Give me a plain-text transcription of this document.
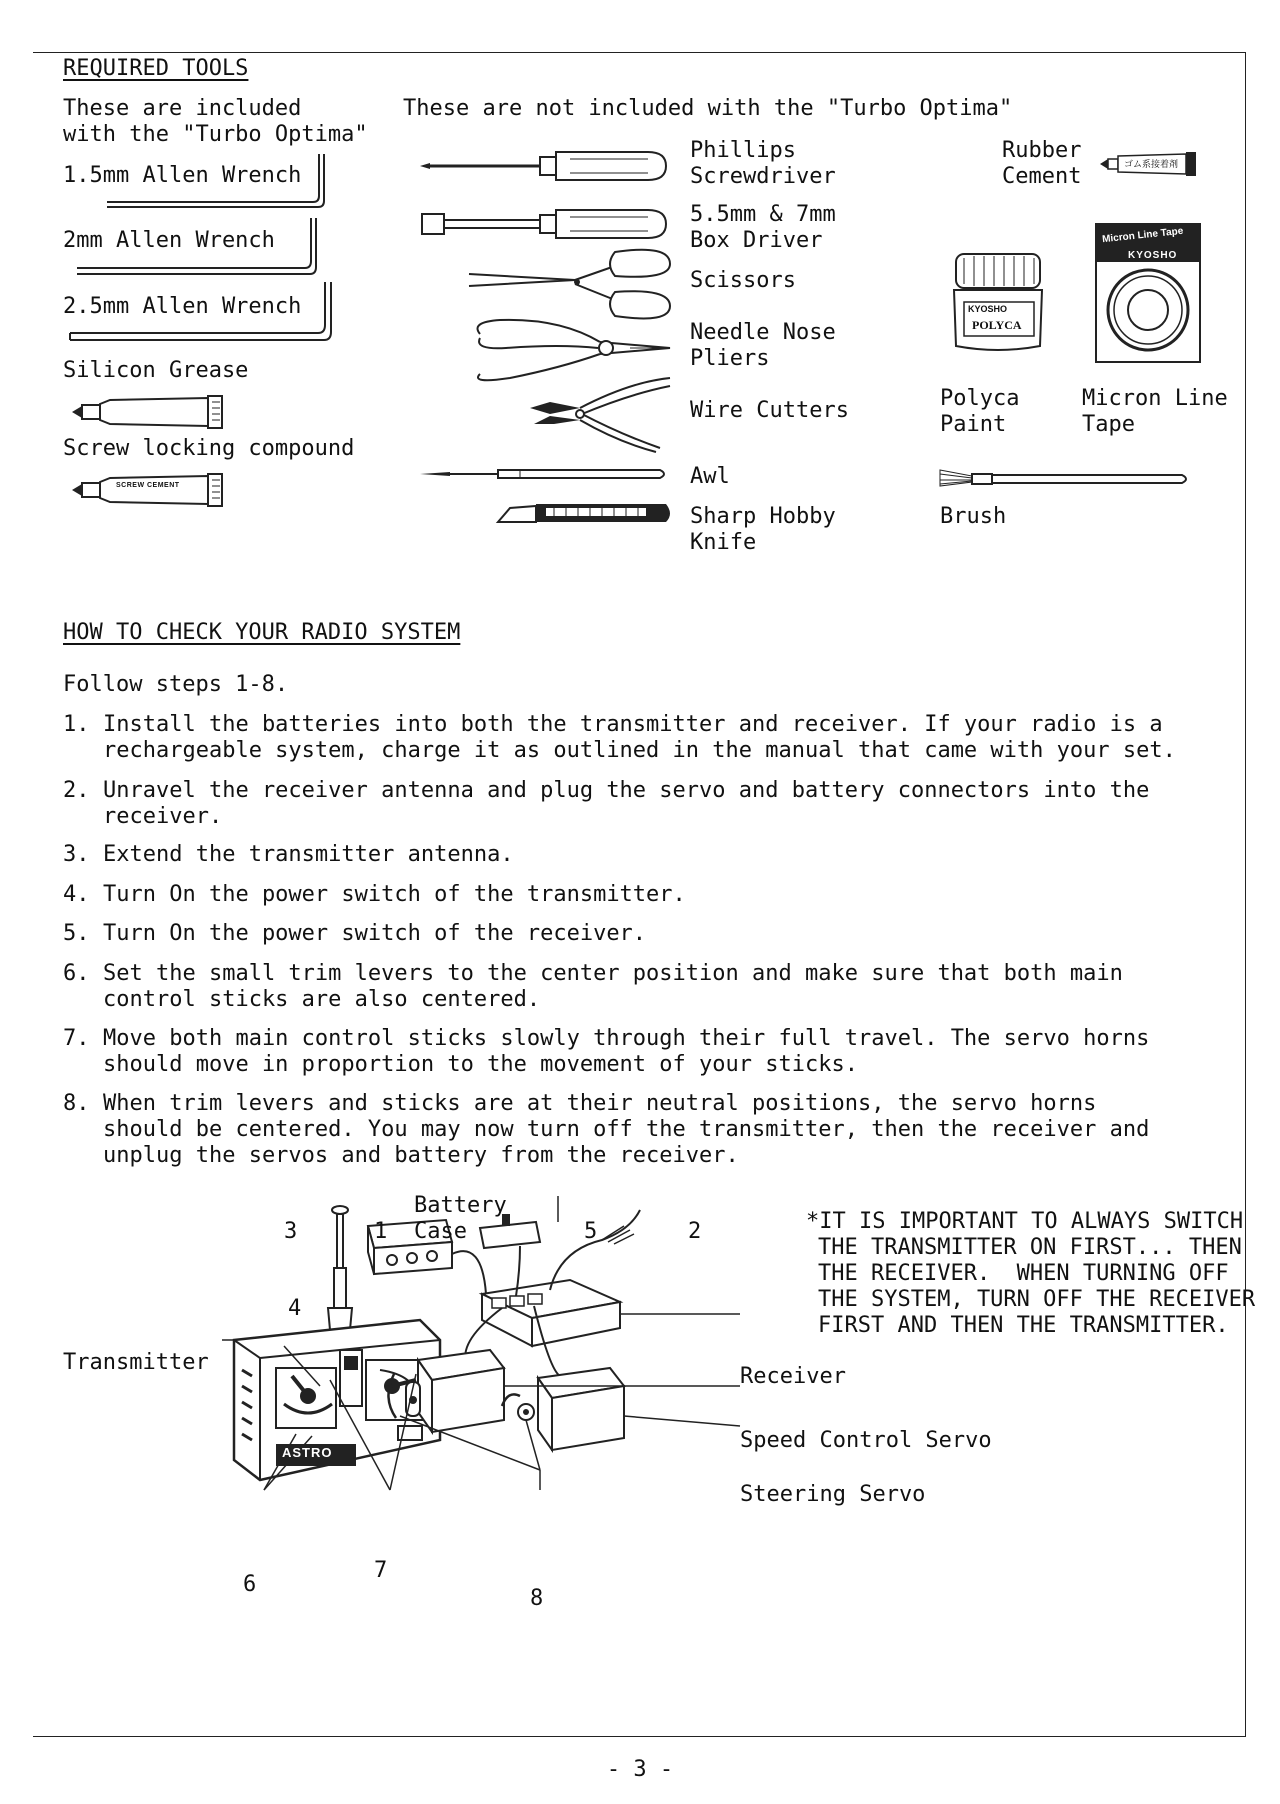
REQUIRED TOOLS
These are included
with the "Turbo Optima"
These are not included with the "Turbo Optima"
1.5mm Allen Wrench
2mm Allen Wrench
2.5mm Allen Wrench
Silicon Grease
Screw locking compound
SCREW CEMENT
Phillips
Screwdriver
5.5mm & 7mm
Box Driver
Scissors
Needle Nose
Pliers
Wire Cutters
Awl
Sharp Hobby
Knife
Rubber
Cement	ゴム系接着剤
KYOSHO
POLYCA
Micron Line Tape
KYOSHO
Polyca
Paint
Micron Line
Tape
Brush
HOW TO CHECK YOUR RADIO SYSTEM
Follow steps 1-8.
1. Install the batteries into both the transmitter and receiver. If your radio is a rechargeable system, charge it as outlined in the manual that came with your set.
2. Unravel the receiver antenna and plug the servo and battery connectors into the receiver.
3. Extend the transmitter antenna.
4. Turn On the power switch of the transmitter.
5. Turn On the power switch of the receiver.
6. Set the small trim levers to the center position and make sure that both main control sticks are also centered.
7. Move both main control sticks slowly through their full travel. The servo horns should move in proportion to the movement of your sticks.
8. When trim levers and sticks are at their neutral positions, the servo horns should be centered. You may now turn off the transmitter, then the receiver and unplug the servos and battery from the receiver.
ASTRO
Battery
Case
3	1	5	2
4
6
7
8
Transmitter
Receiver
Speed Control Servo
Steering Servo
*IT IS IMPORTANT TO ALWAYS SWITCH
THE TRANSMITTER ON FIRST... THEN
THE RECEIVER.  WHEN TURNING OFF
THE SYSTEM, TURN OFF THE RECEIVER
FIRST AND THEN THE TRANSMITTER.
- 3 -
